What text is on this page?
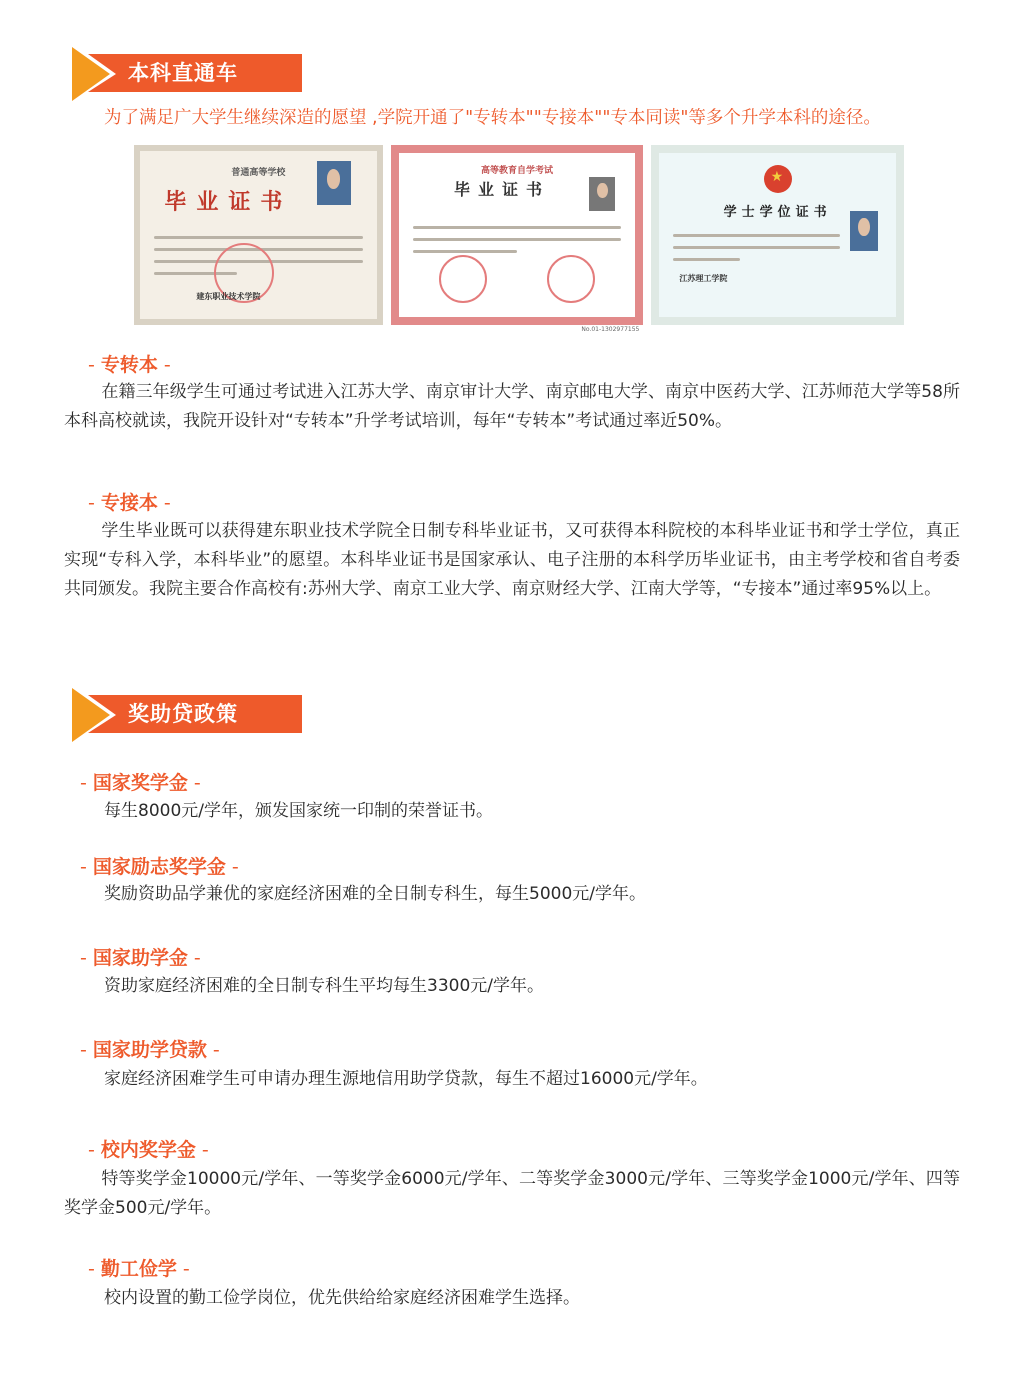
本科直通车
为了满足广大学生继续深造的愿望 ,学院开通了"专转本""专接本""专本同读"等多个升学本科的途径。
普通高等学校
毕业证书
建东职业技术学院
高等教育自学考试
毕业证书
No.01-1302977155
★
学士学位证书
江苏理工学院
- 专转本 -

在籍三年级学生可通过考试进入江苏大学、南京审计大学、南京邮电大学、南京中医药大学、江苏师范大学等58所本科高校就读，我院开设针对“专转本”升学考试培训，每年“专转本”考试通过率近50%。

- 专接本 -

学生毕业既可以获得建东职业技术学院全日制专科毕业证书，又可获得本科院校的本科毕业证书和学士学位，真正实现“专科入学，本科毕业”的愿望。本科毕业证书是国家承认、电子注册的本科学历毕业证书，由主考学校和省自考委共同颁发。我院主要合作高校有:苏州大学、南京工业大学、南京财经大学、江南大学等，“专接本”通过率95%以上。

奖助贷政策
- 国家奖学金 -

每生8000元/学年，颁发国家统一印制的荣誉证书。

- 国家励志奖学金 -

奖励资助品学兼优的家庭经济困难的全日制专科生，每生5000元/学年。

- 国家助学金 -

资助家庭经济困难的全日制专科生平均每生3300元/学年。

- 国家助学贷款 -

家庭经济困难学生可申请办理生源地信用助学贷款，每生不超过16000元/学年。

- 校内奖学金 -

特等奖学金10000元/学年、一等奖学金6000元/学年、二等奖学金3000元/学年、三等奖学金1000元/学年、四等奖学金500元/学年。

- 勤工俭学 -

校内设置的勤工俭学岗位，优先供给给家庭经济困难学生选择。
